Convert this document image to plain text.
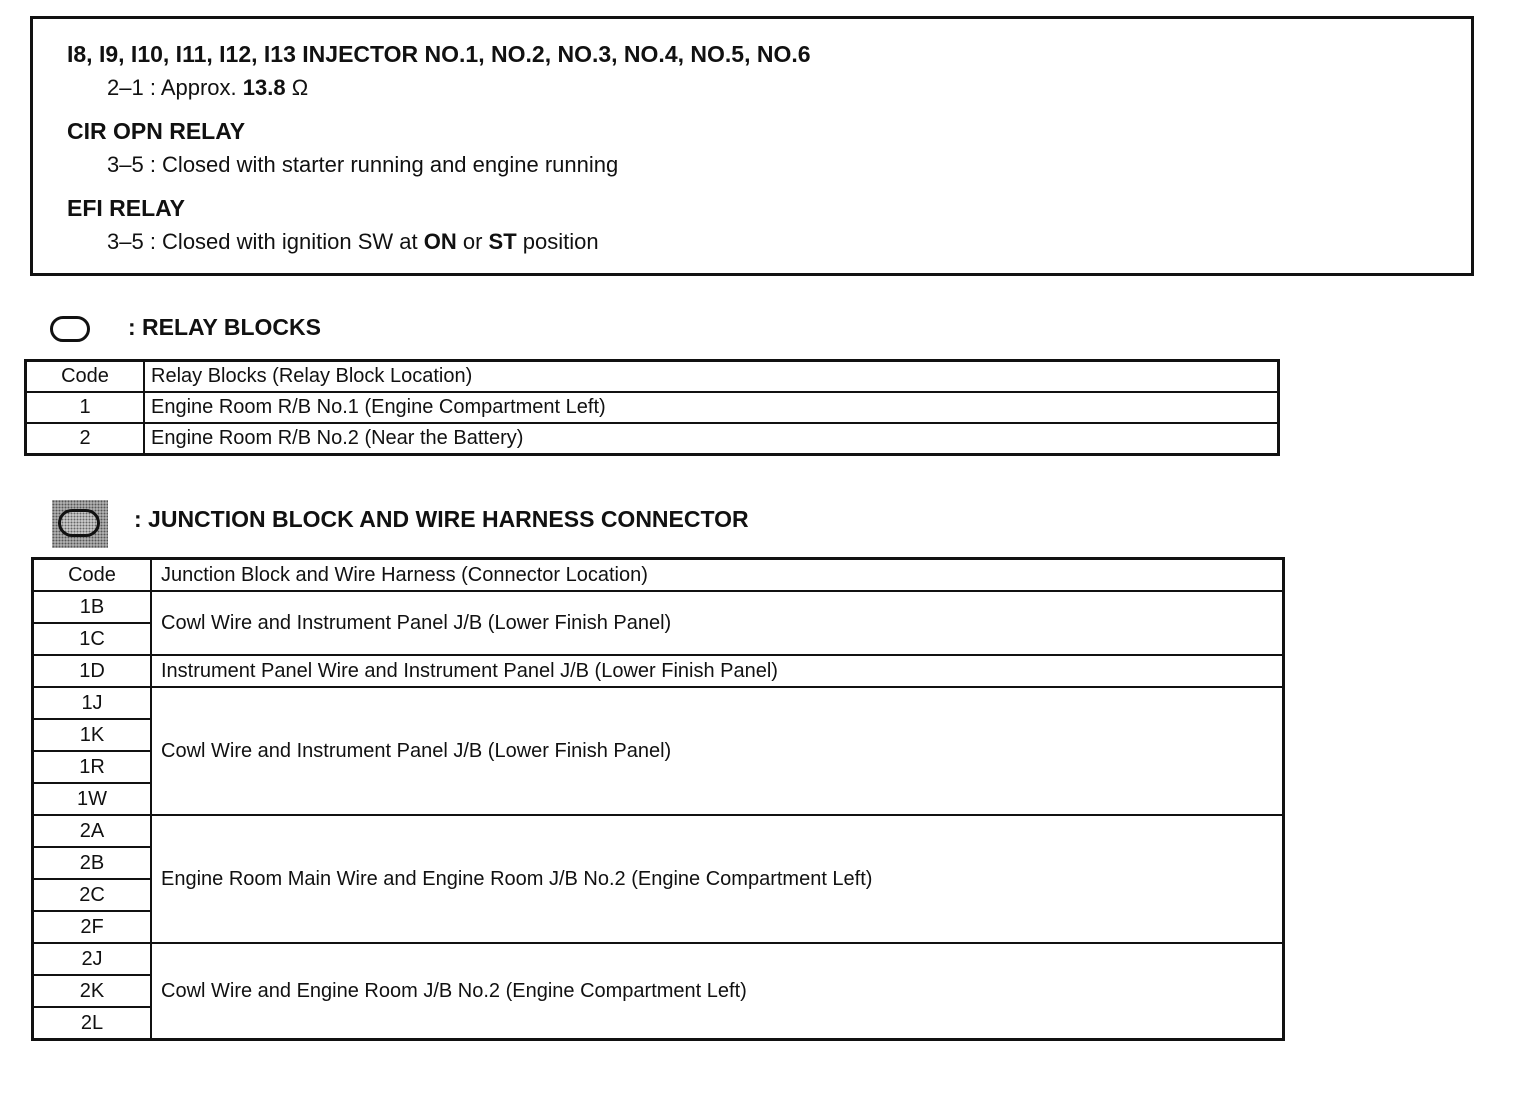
I8, I9, I10, I11, I12, I13 INJECTOR NO.1, NO.2, NO.3, NO.4, NO.5, NO.6
2–1 : Approx. 13.8 Ω
CIR OPN RELAY
3–5 : Closed with starter running and engine running
EFI RELAY
3–5 : Closed with ignition SW at ON or ST position
: RELAY BLOCKS
Code	Relay Blocks (Relay Block Location)
1	Engine Room R/B No.1 (Engine Compartment Left)
2	Engine Room R/B No.2 (Near the Battery)
: JUNCTION BLOCK AND WIRE HARNESS CONNECTOR
Code	Junction Block and Wire Harness (Connector Location)
1B	Cowl Wire and Instrument Panel J/B (Lower Finish Panel)
1C	
1D	Instrument Panel Wire and Instrument Panel J/B (Lower Finish Panel)
1J	Cowl Wire and Instrument Panel J/B (Lower Finish Panel)
1K	
1R	
1W	
2A	Engine Room Main Wire and Engine Room J/B No.2 (Engine Compartment Left)
2B	
2C	
2F	
2J	Cowl Wire and Engine Room J/B No.2 (Engine Compartment Left)
2K	
2L	
